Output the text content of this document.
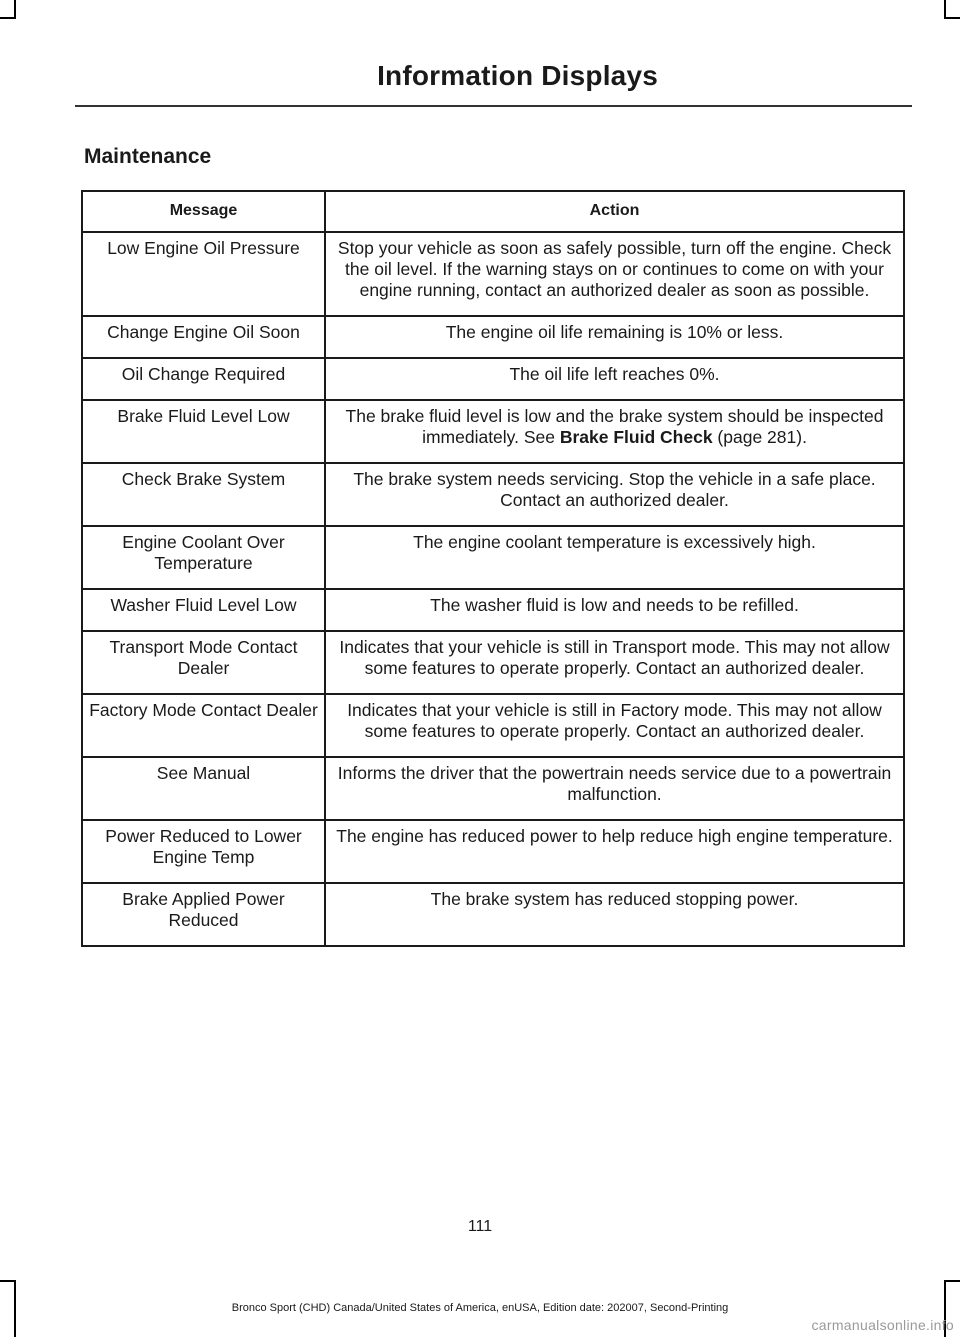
Information Displays
Maintenance
Message	Action
Low Engine Oil Pressure	Stop your vehicle as soon as safely possible, turn off the engine. Check the oil level. If the warning stays on or continues to come on with your engine running, contact an authorized dealer as soon as possible.
Change Engine Oil Soon	The engine oil life remaining is 10% or less.
Oil Change Required	The oil life left reaches 0%.
Brake Fluid Level Low	The brake fluid level is low and the brake system should be inspected immediately. See Brake Fluid Check (page 281).
Check Brake System	The brake system needs servicing. Stop the vehicle in a safe place. Contact an authorized dealer.
Engine Coolant Over Temperature	The engine coolant temperature is excessively high.
Washer Fluid Level Low	The washer fluid is low and needs to be refilled.
Transport Mode Contact Dealer	Indicates that your vehicle is still in Transport mode. This may not allow some features to operate properly. Contact an authorized dealer.
Factory Mode Contact Dealer	Indicates that your vehicle is still in Factory mode. This may not allow some features to operate properly. Contact an authorized dealer.
See Manual	Informs the driver that the powertrain needs service due to a powertrain malfunction.
Power Reduced to Lower Engine Temp	The engine has reduced power to help reduce high engine temperature.
Brake Applied Power Reduced	The brake system has reduced stopping power.
111
Bronco Sport (CHD) Canada/United States of America, enUSA, Edition date: 202007, Second-Printing
carmanualsonline.info
